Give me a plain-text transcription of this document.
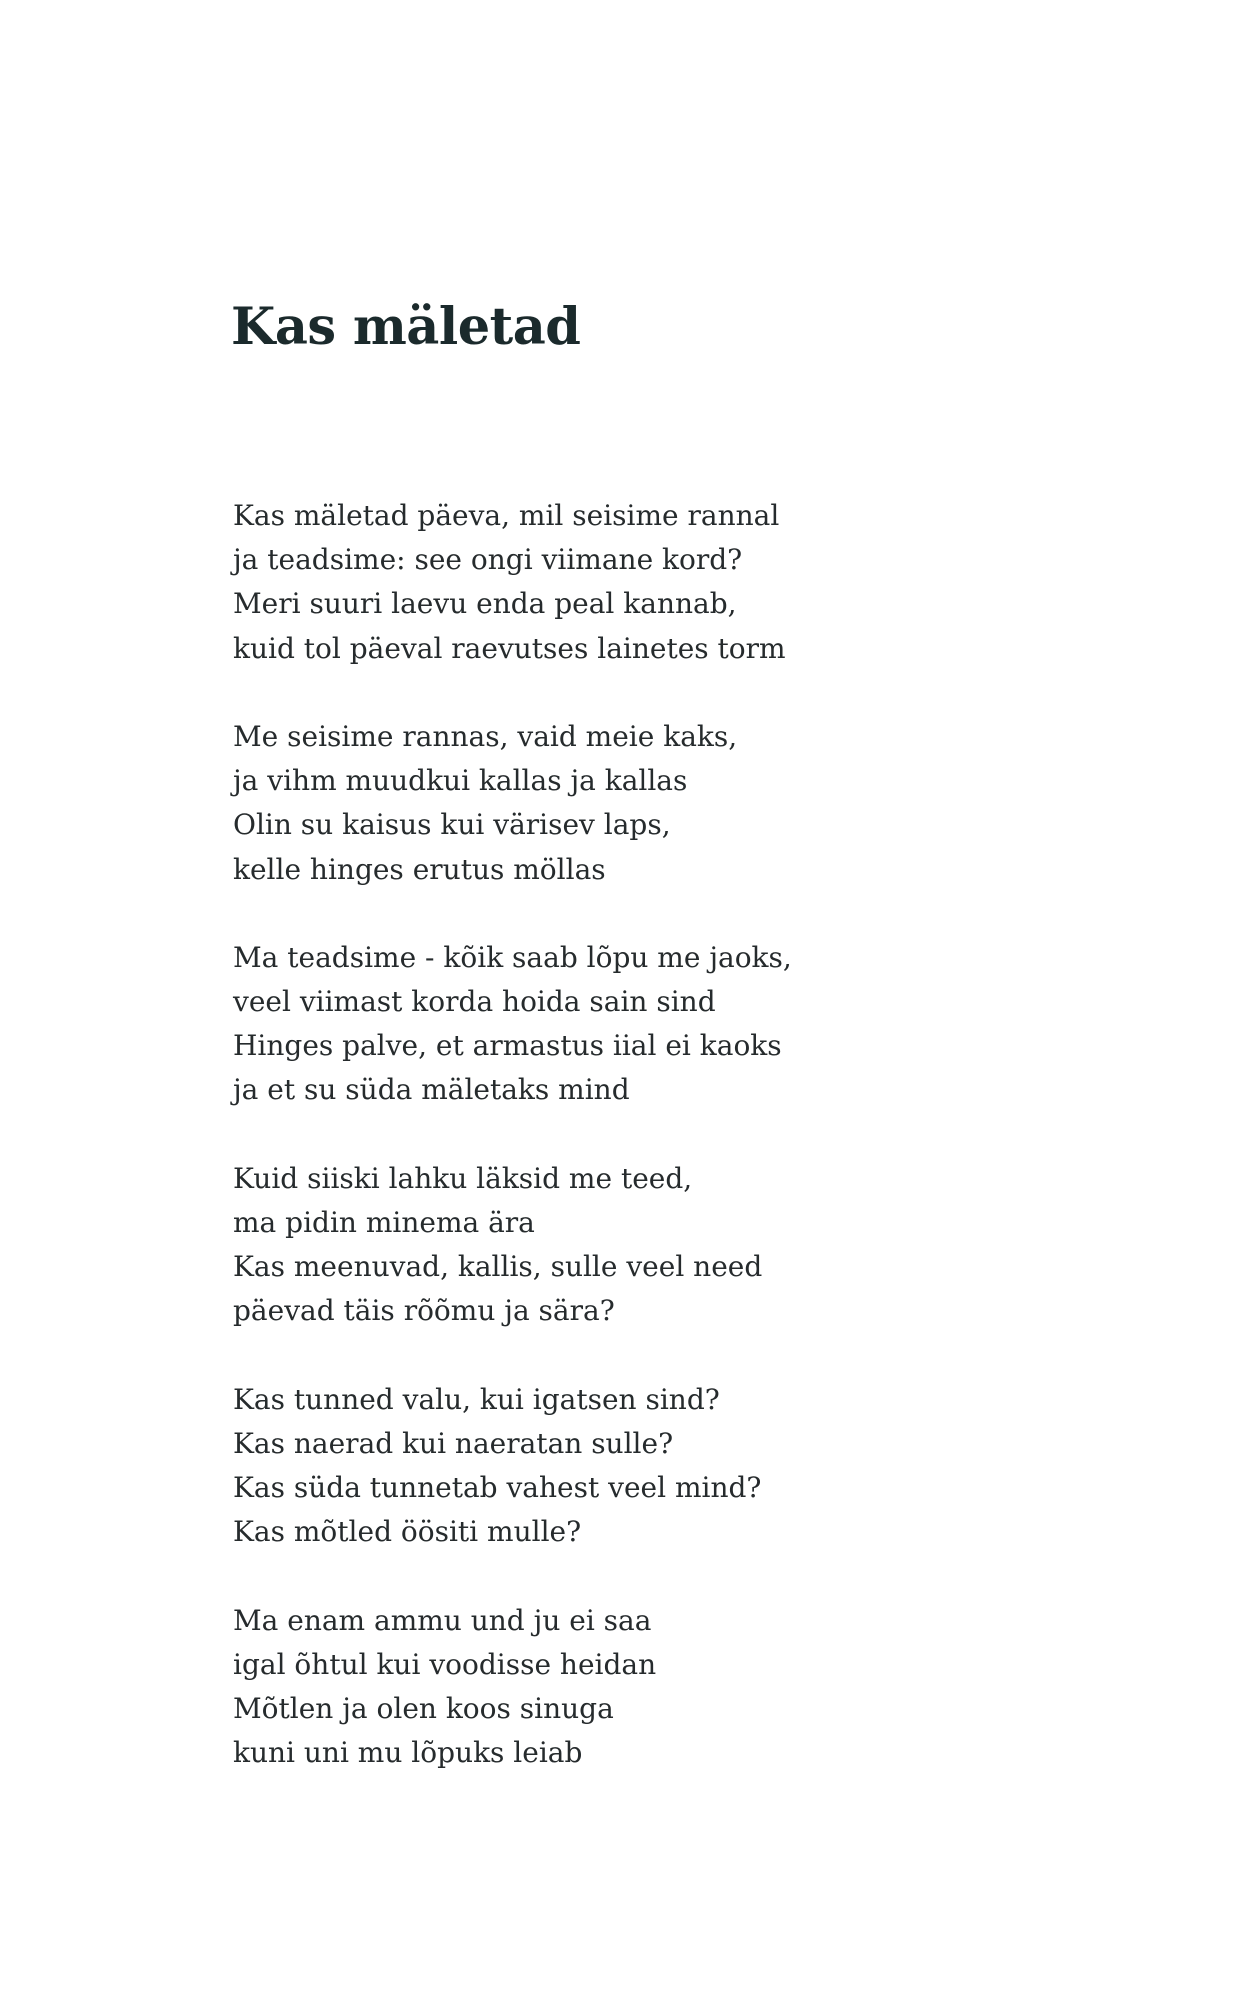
Kas mäletad
Kas mäletad päeva, mil seisime rannal
ja teadsime: see ongi viimane kord?
Meri suuri laevu enda peal kannab,
kuid tol päeval raevutses lainetes torm
Me seisime rannas, vaid meie kaks,
ja vihm muudkui kallas ja kallas
Olin su kaisus kui värisev laps,
kelle hinges erutus möllas
Ma teadsime - kõik saab lõpu me jaoks,
veel viimast korda hoida sain sind
Hinges palve, et armastus iial ei kaoks
ja et su süda mäletaks mind
Kuid siiski lahku läksid me teed,
ma pidin minema ära
Kas meenuvad, kallis, sulle veel need
päevad täis rõõmu ja sära?
Kas tunned valu, kui igatsen sind?
Kas naerad kui naeratan sulle?
Kas süda tunnetab vahest veel mind?
Kas mõtled öösiti mulle?
Ma enam ammu und ju ei saa
igal õhtul kui voodisse heidan
Mõtlen ja olen koos sinuga
kuni uni mu lõpuks leiab
